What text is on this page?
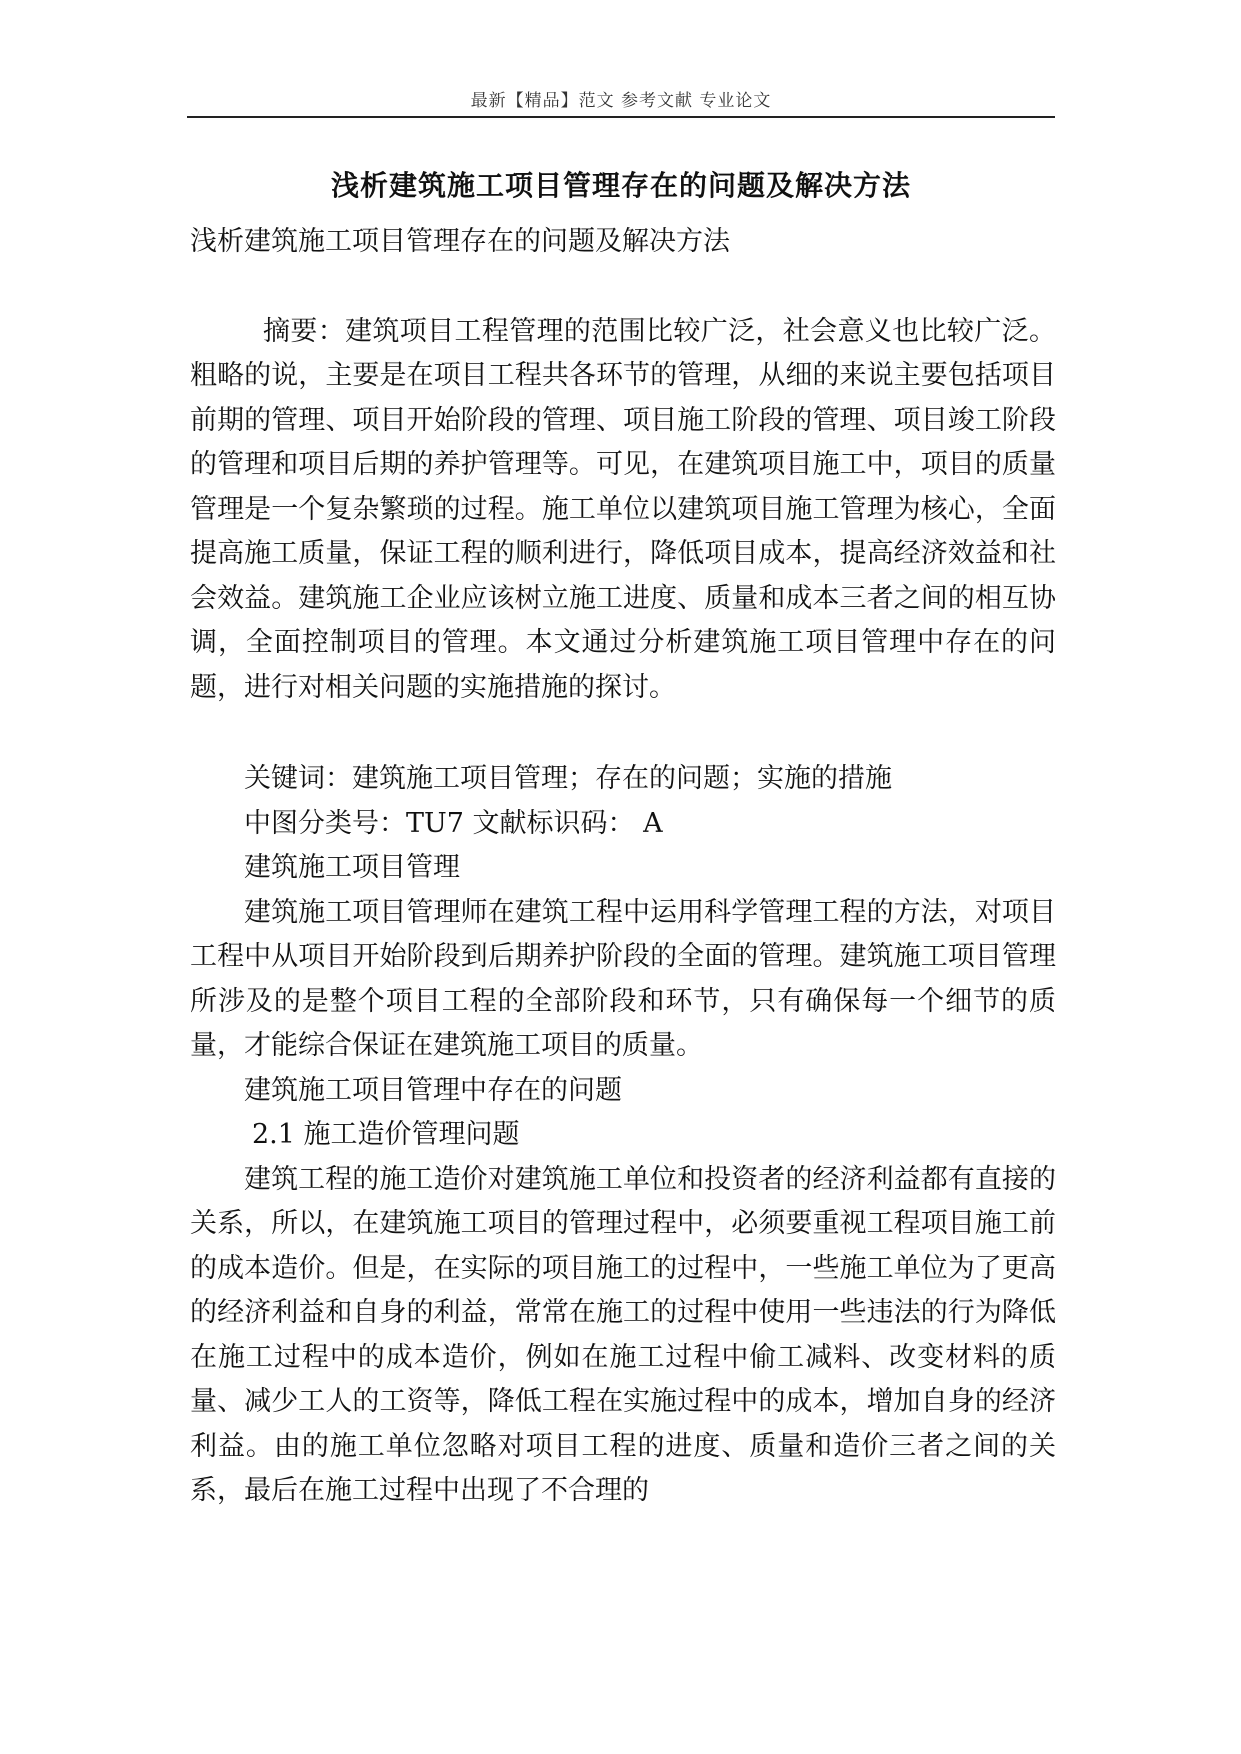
最新【精品】范文 参考文献 专业论文
浅析建筑施工项目管理存在的问题及解决方法

浅析建筑施工项目管理存在的问题及解决方法

摘要：建筑项目工程管理的范围比较广泛，社会意义也比较广泛。粗略的说，主要是在项目工程共各环节的管理，从细的来说主要包括项目前期的管理、项目开始阶段的管理、项目施工阶段的管理、项目竣工阶段的管理和项目后期的养护管理等。可见，在建筑项目施工中，项目的质量管理是一个复杂繁琐的过程。施工单位以建筑项目施工管理为核心，全面提高施工质量，保证工程的顺利进行，降低项目成本，提高经济效益和社会效益。建筑施工企业应该树立施工进度、质量和成本三者之间的相互协调，全面控制项目的管理。本文通过分析建筑施工项目管理中存在的问题，进行对相关问题的实施措施的探讨。

关键词：建筑施工项目管理；存在的问题；实施的措施

中图分类号：TU7 文献标识码： A

建筑施工项目管理

建筑施工项目管理师在建筑工程中运用科学管理工程的方法，对项目工程中从项目开始阶段到后期养护阶段的全面的管理。建筑施工项目管理所涉及的是整个项目工程的全部阶段和环节，只有确保每一个细节的质量，才能综合保证在建筑施工项目的质量。

建筑施工项目管理中存在的问题

2.1 施工造价管理问题

建筑工程的施工造价对建筑施工单位和投资者的经济利益都有直接的关系，所以，在建筑施工项目的管理过程中，必须要重视工程项目施工前的成本造价。但是，在实际的项目施工的过程中，一些施工单位为了更高的经济利益和自身的利益，常常在施工的过程中使用一些违法的行为降低在施工过程中的成本造价，例如在施工过程中偷工减料、改变材料的质量、减少工人的工资等，降低工程在实施过程中的成本，增加自身的经济利益。由的施工单位忽略对项目工程的进度、质量和造价三者之间的关系，最后在施工过程中出现了不合理的
